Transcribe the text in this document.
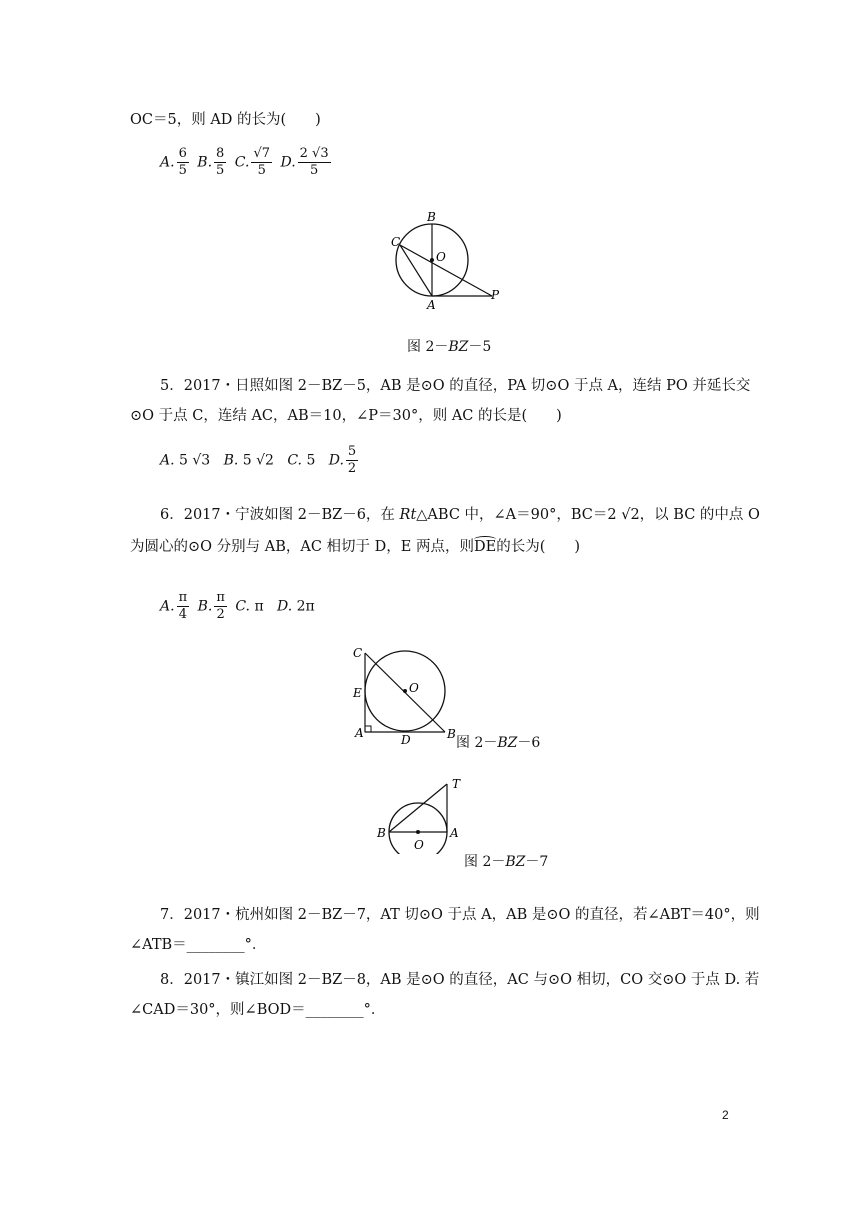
OC＝5，则 AD 的长为(　　)
A. $\frac{6}{5} B$. $\frac{8}{5} C$. $\frac{√7}{5} D$. $\frac{2 √3}{5}$
B
C
O
A
P
图 2－BZ－5
5．2017・日照如图 2－BZ－5，AB 是⊙O 的直径，PA 切⊙O 于点 A，连结 PO 并延长交
⊙O 于点 C，连结 AC，AB＝10，∠P＝30°，则 AC 的长是(　　)
A. 5 √3 B. 5 √2 C. 5 D. $\frac{5}{2}$
6．2017・宁波如图 2－BZ－6，在 Rt△ABC 中，∠A＝90°，BC＝2 √2，以 BC 的中点 O
为圆心的⊙O 分别与 AB，AC 相切于 D，E 两点，则DE的长为(　　)
A. $\frac{\pi}{4} B$. $\frac{\pi}{2} C$. π D. 2π
C
E	O
A	D	B
图 2－BZ－6
T
B	A
O
图 2－BZ－7
7．2017・杭州如图 2－BZ－7，AT 切⊙O 于点 A，AB 是⊙O 的直径，若∠ABT＝40°，则
∠ATB＝________°．
8．2017・镇江如图 2－BZ－8，AB 是⊙O 的直径，AC 与⊙O 相切，CO 交⊙O 于点 D. 若
∠CAD＝30°，则∠BOD＝________°．
2
